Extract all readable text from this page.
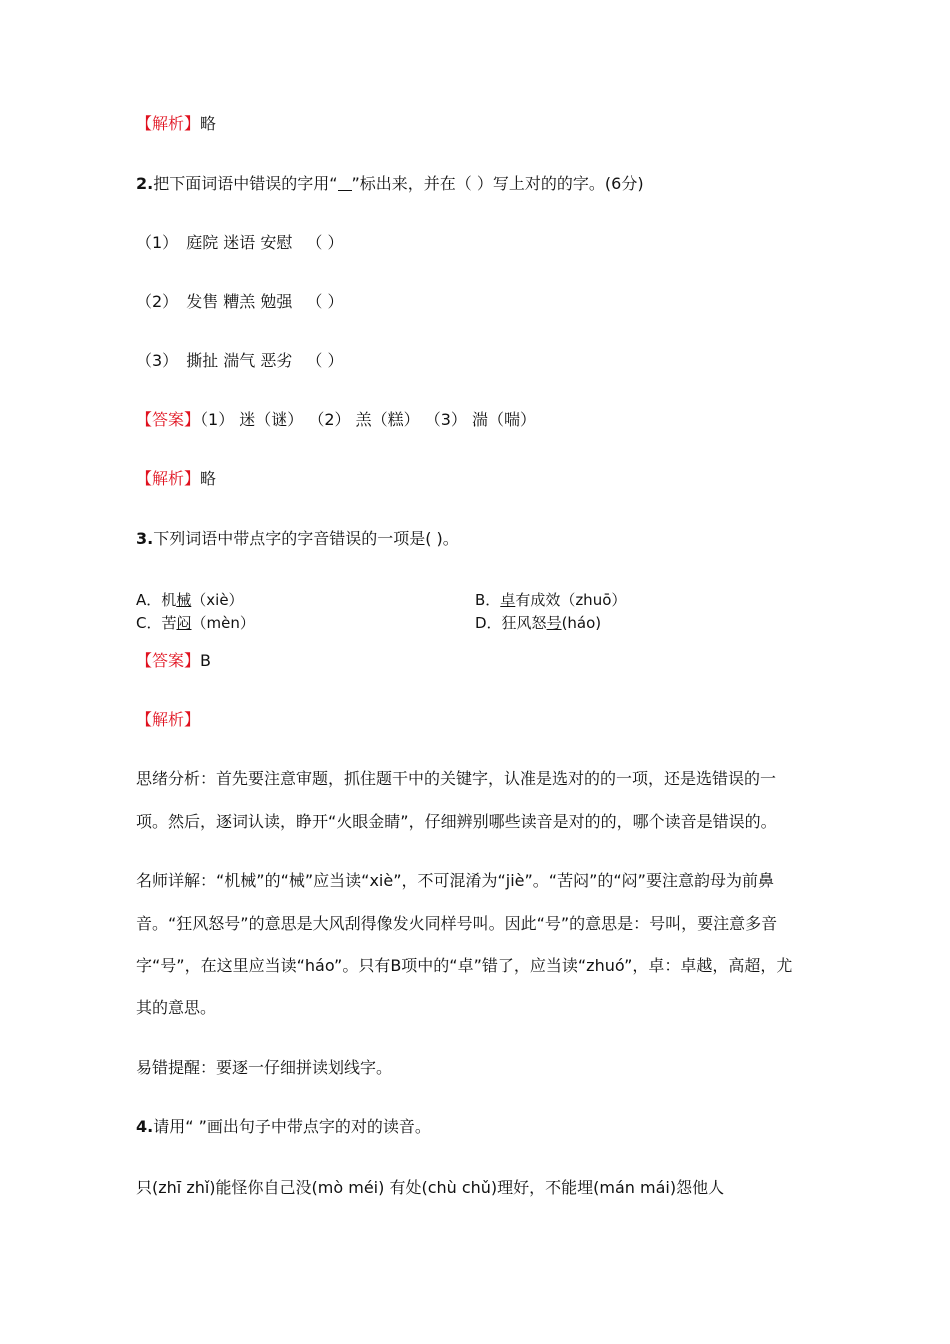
【解析】略
2.把下面词语中错误的字用“ ”标出来，并在（ ）写上对的的字。(6分)
（1） 庭院 迷语 安慰 （ ）
（2） 发售 糟羔 勉强 （ ）
（3） 撕扯 湍气 恶劣 （ ）
【答案】（1） 迷（谜） （2） 羔（糕） （3） 湍（喘）
【解析】略
3.下列词语中带点字的字音错误的一项是( )。
A．机械（xiè）	B．卓有成效（zhuō）
C．苦闷（mèn）	D．狂风怒号(háo)
【答案】B
【解析】
思绪分析：首先要注意审题，抓住题干中的关键字，认准是选对的的一项，还是选错误的一
项。然后，逐词认读，睁开“火眼金睛”，仔细辨别哪些读音是对的的，哪个读音是错误的。
名师详解：“机械”的“械”应当读“xiè”，不可混淆为“jiè”。“苦闷”的“闷”要注意韵母为前鼻
音。“狂风怒号”的意思是大风刮得像发火同样号叫。因此“号”的意思是：号叫，要注意多音
字“号”，在这里应当读“háo”。只有B项中的“卓”错了，应当读“zhuó”，卓：卓越，高超，尤
其的意思。
易错提醒：要逐一仔细拼读划线字。
4.请用“ ”画出句子中带点字的对的读音。
只(zhī zhǐ)能怪你自己没(mò méi) 有处(chù chǔ)理好，不能埋(mán mái)怨他人
